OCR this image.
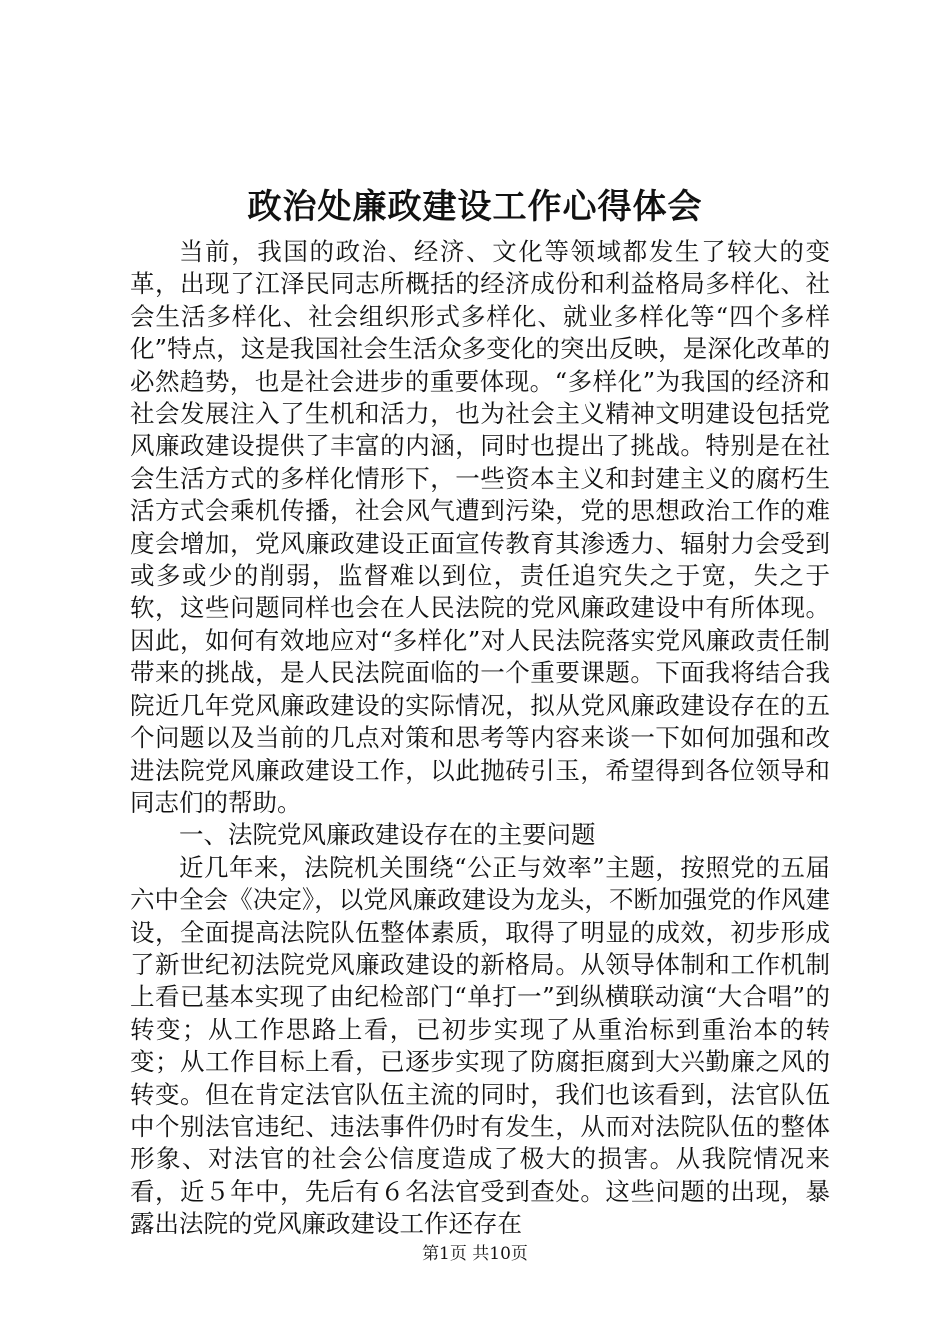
政治处廉政建设工作心得体会

当前，我国的政治、经济、文化等领域都发生了较大的变革，出现了江泽民同志所概括的经济成份和利益格局多样化、社会生活多样化、社会组织形式多样化、就业多样化等“四个多样化”特点，这是我国社会生活众多变化的突出反映，是深化改革的必然趋势，也是社会进步的重要体现。“多样化”为我国的经济和社会发展注入了生机和活力，也为社会主义精神文明建设包括党风廉政建设提供了丰富的内涵，同时也提出了挑战。特别是在社会生活方式的多样化情形下，一些资本主义和封建主义的腐朽生活方式会乘机传播，社会风气遭到污染，党的思想政治工作的难度会增加，党风廉政建设正面宣传教育其渗透力、辐射力会受到或多或少的削弱，监督难以到位，责任追究失之于宽，失之于软，这些问题同样也会在人民法院的党风廉政建设中有所体现。因此，如何有效地应对“多样化”对人民法院落实党风廉政责任制带来的挑战，是人民法院面临的一个重要课题。下面我将结合我院近几年党风廉政建设的实际情况，拟从党风廉政建设存在的五个问题以及当前的几点对策和思考等内容来谈一下如何加强和改进法院党风廉政建设工作，以此抛砖引玉，希望得到各位领导和同志们的帮助。

一、法院党风廉政建设存在的主要问题

近几年来，法院机关围绕“公正与效率”主题，按照党的五届六中全会《决定》，以党风廉政建设为龙头，不断加强党的作风建设，全面提高法院队伍整体素质，取得了明显的成效，初步形成了新世纪初法院党风廉政建设的新格局。从领导体制和工作机制上看已基本实现了由纪检部门“单打一”到纵横联动演“大合唱”的转变；从工作思路上看，已初步实现了从重治标到重治本的转变；从工作目标上看，已逐步实现了防腐拒腐到大兴勤廉之风的转变。但在肯定法官队伍主流的同时，我们也该看到，法官队伍中个别法官违纪、违法事件仍时有发生，从而对法院队伍的整体形象、对法官的社会公信度造成了极大的损害。从我院情况来看，近５年中，先后有６名法官受到查处。这些问题的出现，暴露出法院的党风廉政建设工作还存在

第1页 共10页
